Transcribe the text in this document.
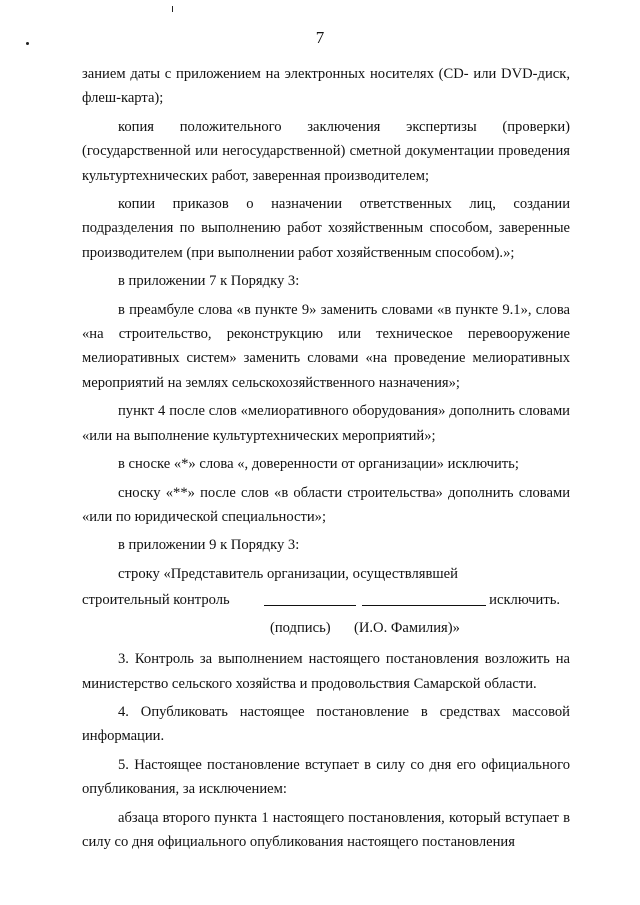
7

занием даты с приложением на электронных носителях (CD- или DVD-диск, флеш-карта);

копия положительного заключения экспертизы (проверки) (государственной или негосударственной) сметной документации проведения культуртехнических работ, заверенная производителем;

копии приказов о назначении ответственных лиц, создании подразделения по выполнению работ хозяйственным способом, заверенные производителем (при выполнении работ хозяйственным способом).»;

в приложении 7 к Порядку 3:

в преамбуле слова «в пункте 9» заменить словами «в пункте 9.1», слова «на строительство, реконструкцию или техническое перевооружение мелиоративных систем» заменить словами «на проведение мелиоративных мероприятий на землях сельскохозяйственного назначения»;

пункт 4 после слов «мелиоративного оборудования» дополнить словами «или на выполнение культуртехнических мероприятий»;

в сноске «*» слова «, доверенности от организации» исключить;

сноску «**» после слов «в области строительства» дополнить словами «или по юридической специальности»;

в приложении 9 к Порядку 3:

строку «Представитель организации, осуществлявшей

строительный контроль	исключить.
(подпись) (И.О. Фамилия)»

3. Контроль за выполнением настоящего постановления возложить на министерство сельского хозяйства и продовольствия Самарской области.

4. Опубликовать настоящее постановление в средствах массовой информации.

5. Настоящее постановление вступает в силу со дня его официального опубликования, за исключением:

абзаца второго пункта 1 настоящего постановления, который вступает в силу со дня официального опубликования настоящего постановления
